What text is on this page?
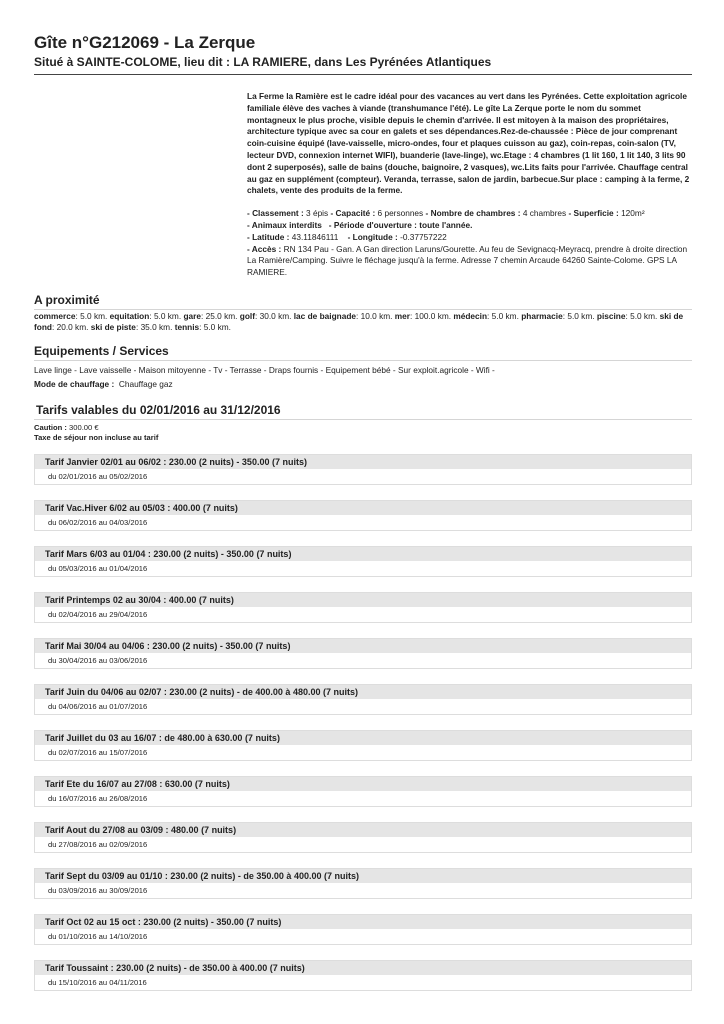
Gîte n°G212069 - La Zerque
Situé à SAINTE-COLOME, lieu dit : LA RAMIERE, dans Les Pyrénées Atlantiques

La Ferme la Ramière est le cadre idéal pour des vacances au vert dans les Pyrénées. Cette exploitation agricole familiale élève des vaches à viande (transhumance l'été). Le gîte La Zerque porte le nom du sommet montagneux le plus proche, visible depuis le chemin d'arrivée. Il est mitoyen à la maison des propriétaires, architecture typique avec sa cour en galets et ses dépendances.Rez-de-chaussée : Pièce de jour comprenant coin-cuisine équipé (lave-vaisselle, micro-ondes, four et plaques cuisson au gaz), coin-repas, coin-salon (TV, lecteur DVD, connexion internet WIFI), buanderie (lave-linge), wc.Etage : 4 chambres (1 lit 160, 1 lit 140, 3 lits 90 dont 2 superposés), salle de bains (douche, baignoire, 2 vasques), wc.Lits faits pour l'arrivée. Chauffage central au gaz en supplément (compteur). Veranda, terrasse, salon de jardin, barbecue.Sur place : camping à la ferme, 2 chalets, vente des produits de la ferme.

- Classement : 3 épis - Capacité : 6 personnes - Nombre de chambres : 4 chambres - Superficie : 120m²
- Animaux interdits - Période d'ouverture : toute l'année.
- Latitude : 43.11846111 - Longitude : -0.37757222
- Accès : RN 134 Pau - Gan. A Gan direction Laruns/Gourette. Au feu de Sevignacq-Meyracq, prendre à droite direction La Ramière/Camping. Suivre le fléchage jusqu'à la ferme. Adresse 7 chemin Arcaude 64260 Sainte-Colome. GPS LA RAMIERE.
A proximité
commerce: 5.0 km. equitation: 5.0 km. gare: 25.0 km. golf: 30.0 km. lac de baignade: 10.0 km. mer: 100.0 km. médecin: 5.0 km. pharmacie: 5.0 km. piscine: 5.0 km. ski de fond: 20.0 km. ski de piste: 35.0 km. tennis: 5.0 km.
Equipements / Services
Lave linge - Lave vaisselle - Maison mitoyenne - Tv - Terrasse - Draps fournis - Equipement bébé - Sur exploit.agricole - Wifi -
Mode de chauffage : Chauffage gaz
Tarifs valables du 02/01/2016 au 31/12/2016
Caution : 300.00 €
Taxe de séjour non incluse au tarif
Tarif Janvier 02/01 au 06/02 : 230.00 (2 nuits) - 350.00 (7 nuits)
du 02/01/2016 au 05/02/2016
Tarif Vac.Hiver 6/02 au 05/03 : 400.00 (7 nuits)
du 06/02/2016 au 04/03/2016
Tarif Mars 6/03 au 01/04 : 230.00 (2 nuits) - 350.00 (7 nuits)
du 05/03/2016 au 01/04/2016
Tarif Printemps 02 au 30/04 : 400.00 (7 nuits)
du 02/04/2016 au 29/04/2016
Tarif Mai 30/04 au 04/06 : 230.00 (2 nuits) - 350.00 (7 nuits)
du 30/04/2016 au 03/06/2016
Tarif Juin du 04/06 au 02/07 : 230.00 (2 nuits) - de 400.00 à 480.00 (7 nuits)
du 04/06/2016 au 01/07/2016
Tarif Juillet du 03 au 16/07 : de 480.00 à 630.00 (7 nuits)
du 02/07/2016 au 15/07/2016
Tarif Ete du 16/07 au 27/08 : 630.00 (7 nuits)
du 16/07/2016 au 26/08/2016
Tarif Aout du 27/08 au 03/09 : 480.00 (7 nuits)
du 27/08/2016 au 02/09/2016
Tarif Sept du 03/09 au 01/10 : 230.00 (2 nuits) - de 350.00 à 400.00 (7 nuits)
du 03/09/2016 au 30/09/2016
Tarif Oct 02 au 15 oct : 230.00 (2 nuits) - 350.00 (7 nuits)
du 01/10/2016 au 14/10/2016
Tarif Toussaint : 230.00 (2 nuits) - de 350.00 à 400.00 (7 nuits)
du 15/10/2016 au 04/11/2016
